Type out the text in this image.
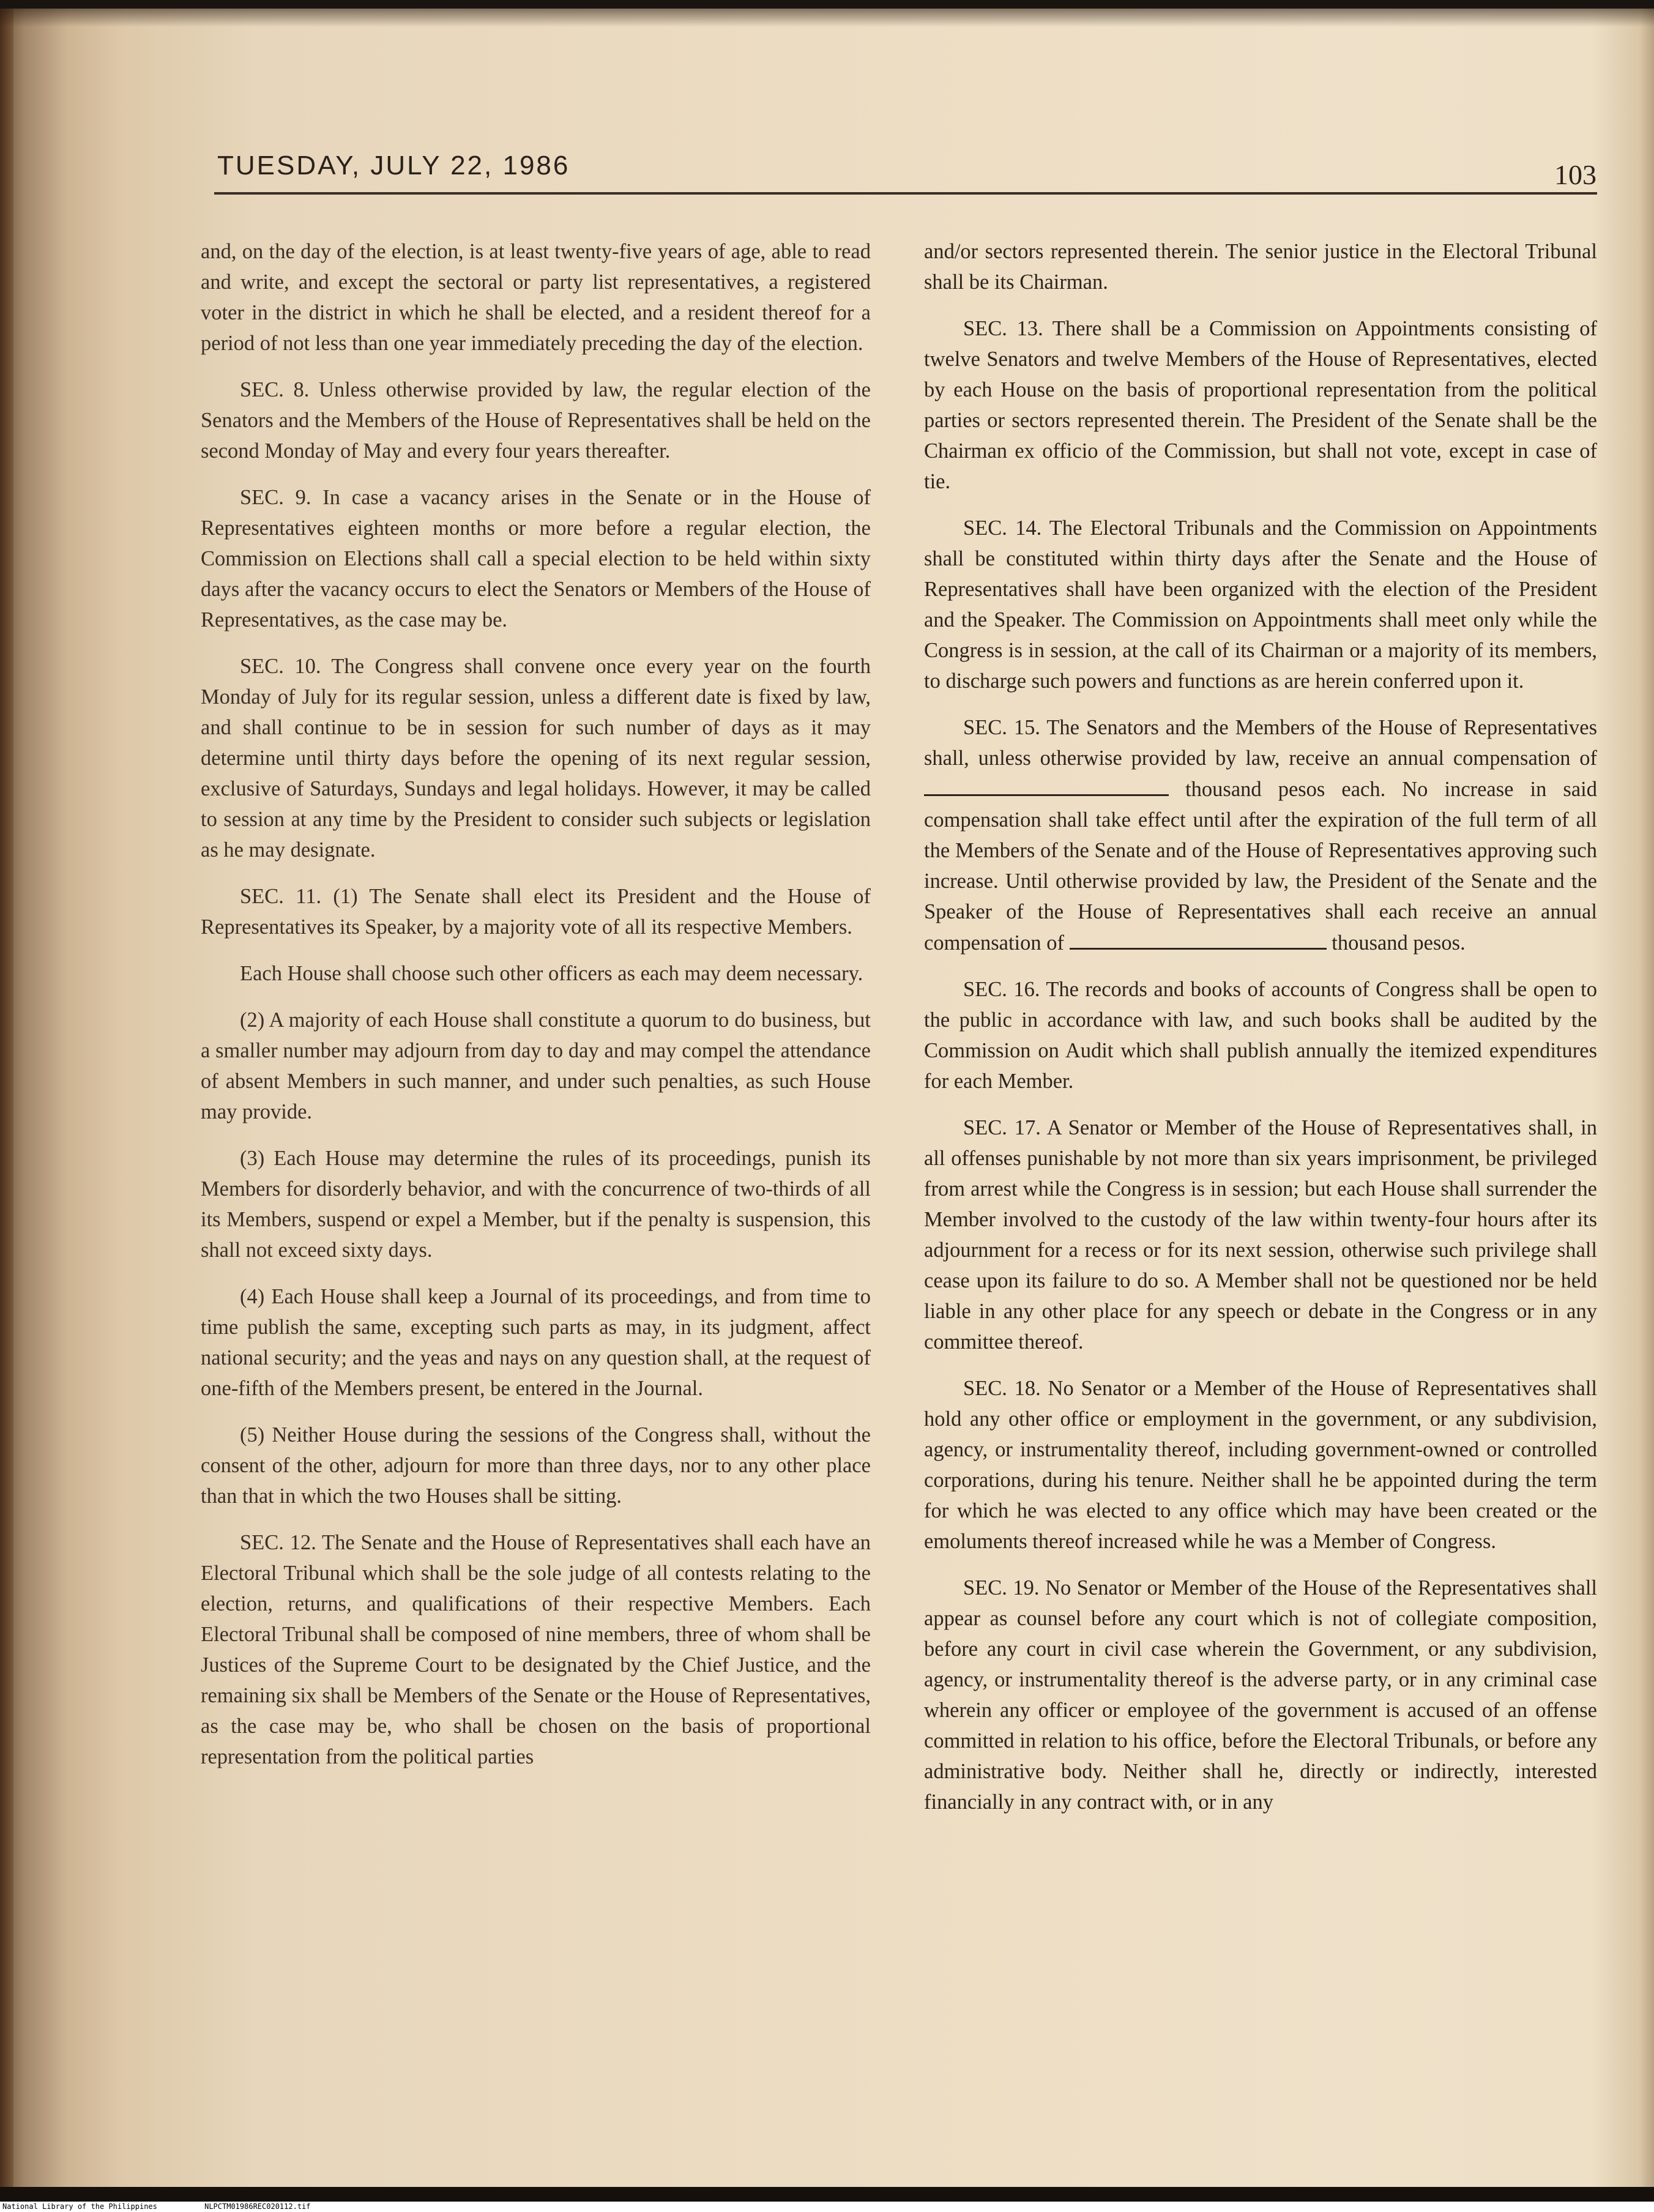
TUESDAY, JULY 22, 1986	103

and, on the day of the election, is at least twenty-five years of age, able to read and write, and except the sectoral or party list representatives, a registered voter in the district in which he shall be elected, and a resident thereof for a period of not less than one year immediately preceding the day of the election.

SEC. 8. Unless otherwise provided by law, the regular election of the Senators and the Members of the House of Representatives shall be held on the second Monday of May and every four years thereafter.

SEC. 9. In case a vacancy arises in the Senate or in the House of Representatives eighteen months or more before a regular election, the Commission on Elections shall call a special election to be held within sixty days after the vacancy occurs to elect the Senators or Members of the House of Representatives, as the case may be.

SEC. 10. The Congress shall convene once every year on the fourth Monday of July for its regular session, unless a different date is fixed by law, and shall continue to be in session for such number of days as it may determine until thirty days before the opening of its next regular session, exclusive of Saturdays, Sundays and legal holidays. However, it may be called to session at any time by the President to consider such subjects or legislation as he may designate.

SEC. 11. (1) The Senate shall elect its President and the House of Representatives its Speaker, by a majority vote of all its respective Members.

Each House shall choose such other officers as each may deem necessary.

(2) A majority of each House shall constitute a quorum to do business, but a smaller number may adjourn from day to day and may compel the attendance of absent Members in such manner, and under such penalties, as such House may provide.

(3) Each House may determine the rules of its proceedings, punish its Members for disorderly behavior, and with the concurrence of two-thirds of all its Members, suspend or expel a Member, but if the penalty is suspension, this shall not exceed sixty days.

(4) Each House shall keep a Journal of its proceedings, and from time to time publish the same, excepting such parts as may, in its judgment, affect national security; and the yeas and nays on any question shall, at the request of one-fifth of the Members present, be entered in the Journal.

(5) Neither House during the sessions of the Congress shall, without the consent of the other, adjourn for more than three days, nor to any other place than that in which the two Houses shall be sitting.

SEC. 12. The Senate and the House of Representatives shall each have an Electoral Tribunal which shall be the sole judge of all contests relating to the election, returns, and qualifications of their respective Members. Each Electoral Tribunal shall be composed of nine members, three of whom shall be Justices of the Supreme Court to be designated by the Chief Justice, and the remaining six shall be Members of the Senate or the House of Representatives, as the case may be, who shall be chosen on the basis of proportional representation from the political parties

and/or sectors represented therein. The senior justice in the Electoral Tribunal shall be its Chairman.

SEC. 13. There shall be a Commission on Appointments consisting of twelve Senators and twelve Members of the House of Representatives, elected by each House on the basis of proportional representation from the political parties or sectors represented therein. The President of the Senate shall be the Chairman ex officio of the Commission, but shall not vote, except in case of tie.

SEC. 14. The Electoral Tribunals and the Commission on Appointments shall be constituted within thirty days after the Senate and the House of Representatives shall have been organized with the election of the President and the Speaker. The Commission on Appointments shall meet only while the Congress is in session, at the call of its Chairman or a majority of its members, to discharge such powers and functions as are herein conferred upon it.

SEC. 15. The Senators and the Members of the House of Representatives shall, unless otherwise provided by law, receive an annual compensation of  thousand pesos each. No increase in said compensation shall take effect until after the expiration of the full term of all the Members of the Senate and of the House of Representatives approving such increase. Until otherwise provided by law, the President of the Senate and the Speaker of the House of Representatives shall each receive an annual compensation of	thousand pesos.

SEC. 16. The records and books of accounts of Congress shall be open to the public in accordance with law, and such books shall be audited by the Commission on Audit which shall publish annually the itemized expenditures for each Member.

SEC. 17. A Senator or Member of the House of Representatives shall, in all offenses punishable by not more than six years imprisonment, be privileged from arrest while the Congress is in session; but each House shall surrender the Member involved to the custody of the law within twenty-four hours after its adjournment for a recess or for its next session, otherwise such privilege shall cease upon its failure to do so. A Member shall not be questioned nor be held liable in any other place for any speech or debate in the Congress or in any committee thereof.

SEC. 18. No Senator or a Member of the House of Representatives shall hold any other office or employment in the government, or any subdivision, agency, or instrumentality thereof, including government-owned or controlled corporations, during his tenure. Neither shall he be appointed during the term for which he was elected to any office which may have been created or the emoluments thereof increased while he was a Member of Congress.

SEC. 19. No Senator or Member of the House of the Representatives shall appear as counsel before any court which is not of collegiate composition, before any court in civil case wherein the Government, or any subdivision, agency, or instrumentality thereof is the adverse party, or in any criminal case wherein any officer or employee of the government is accused of an offense committed in relation to his office, before the Electoral Tribunals, or before any administrative body. Neither shall he, directly or indirectly, interested financially in any contract with, or in any

National Library of the Philippines	NLPCTM01986REC020112.tif
